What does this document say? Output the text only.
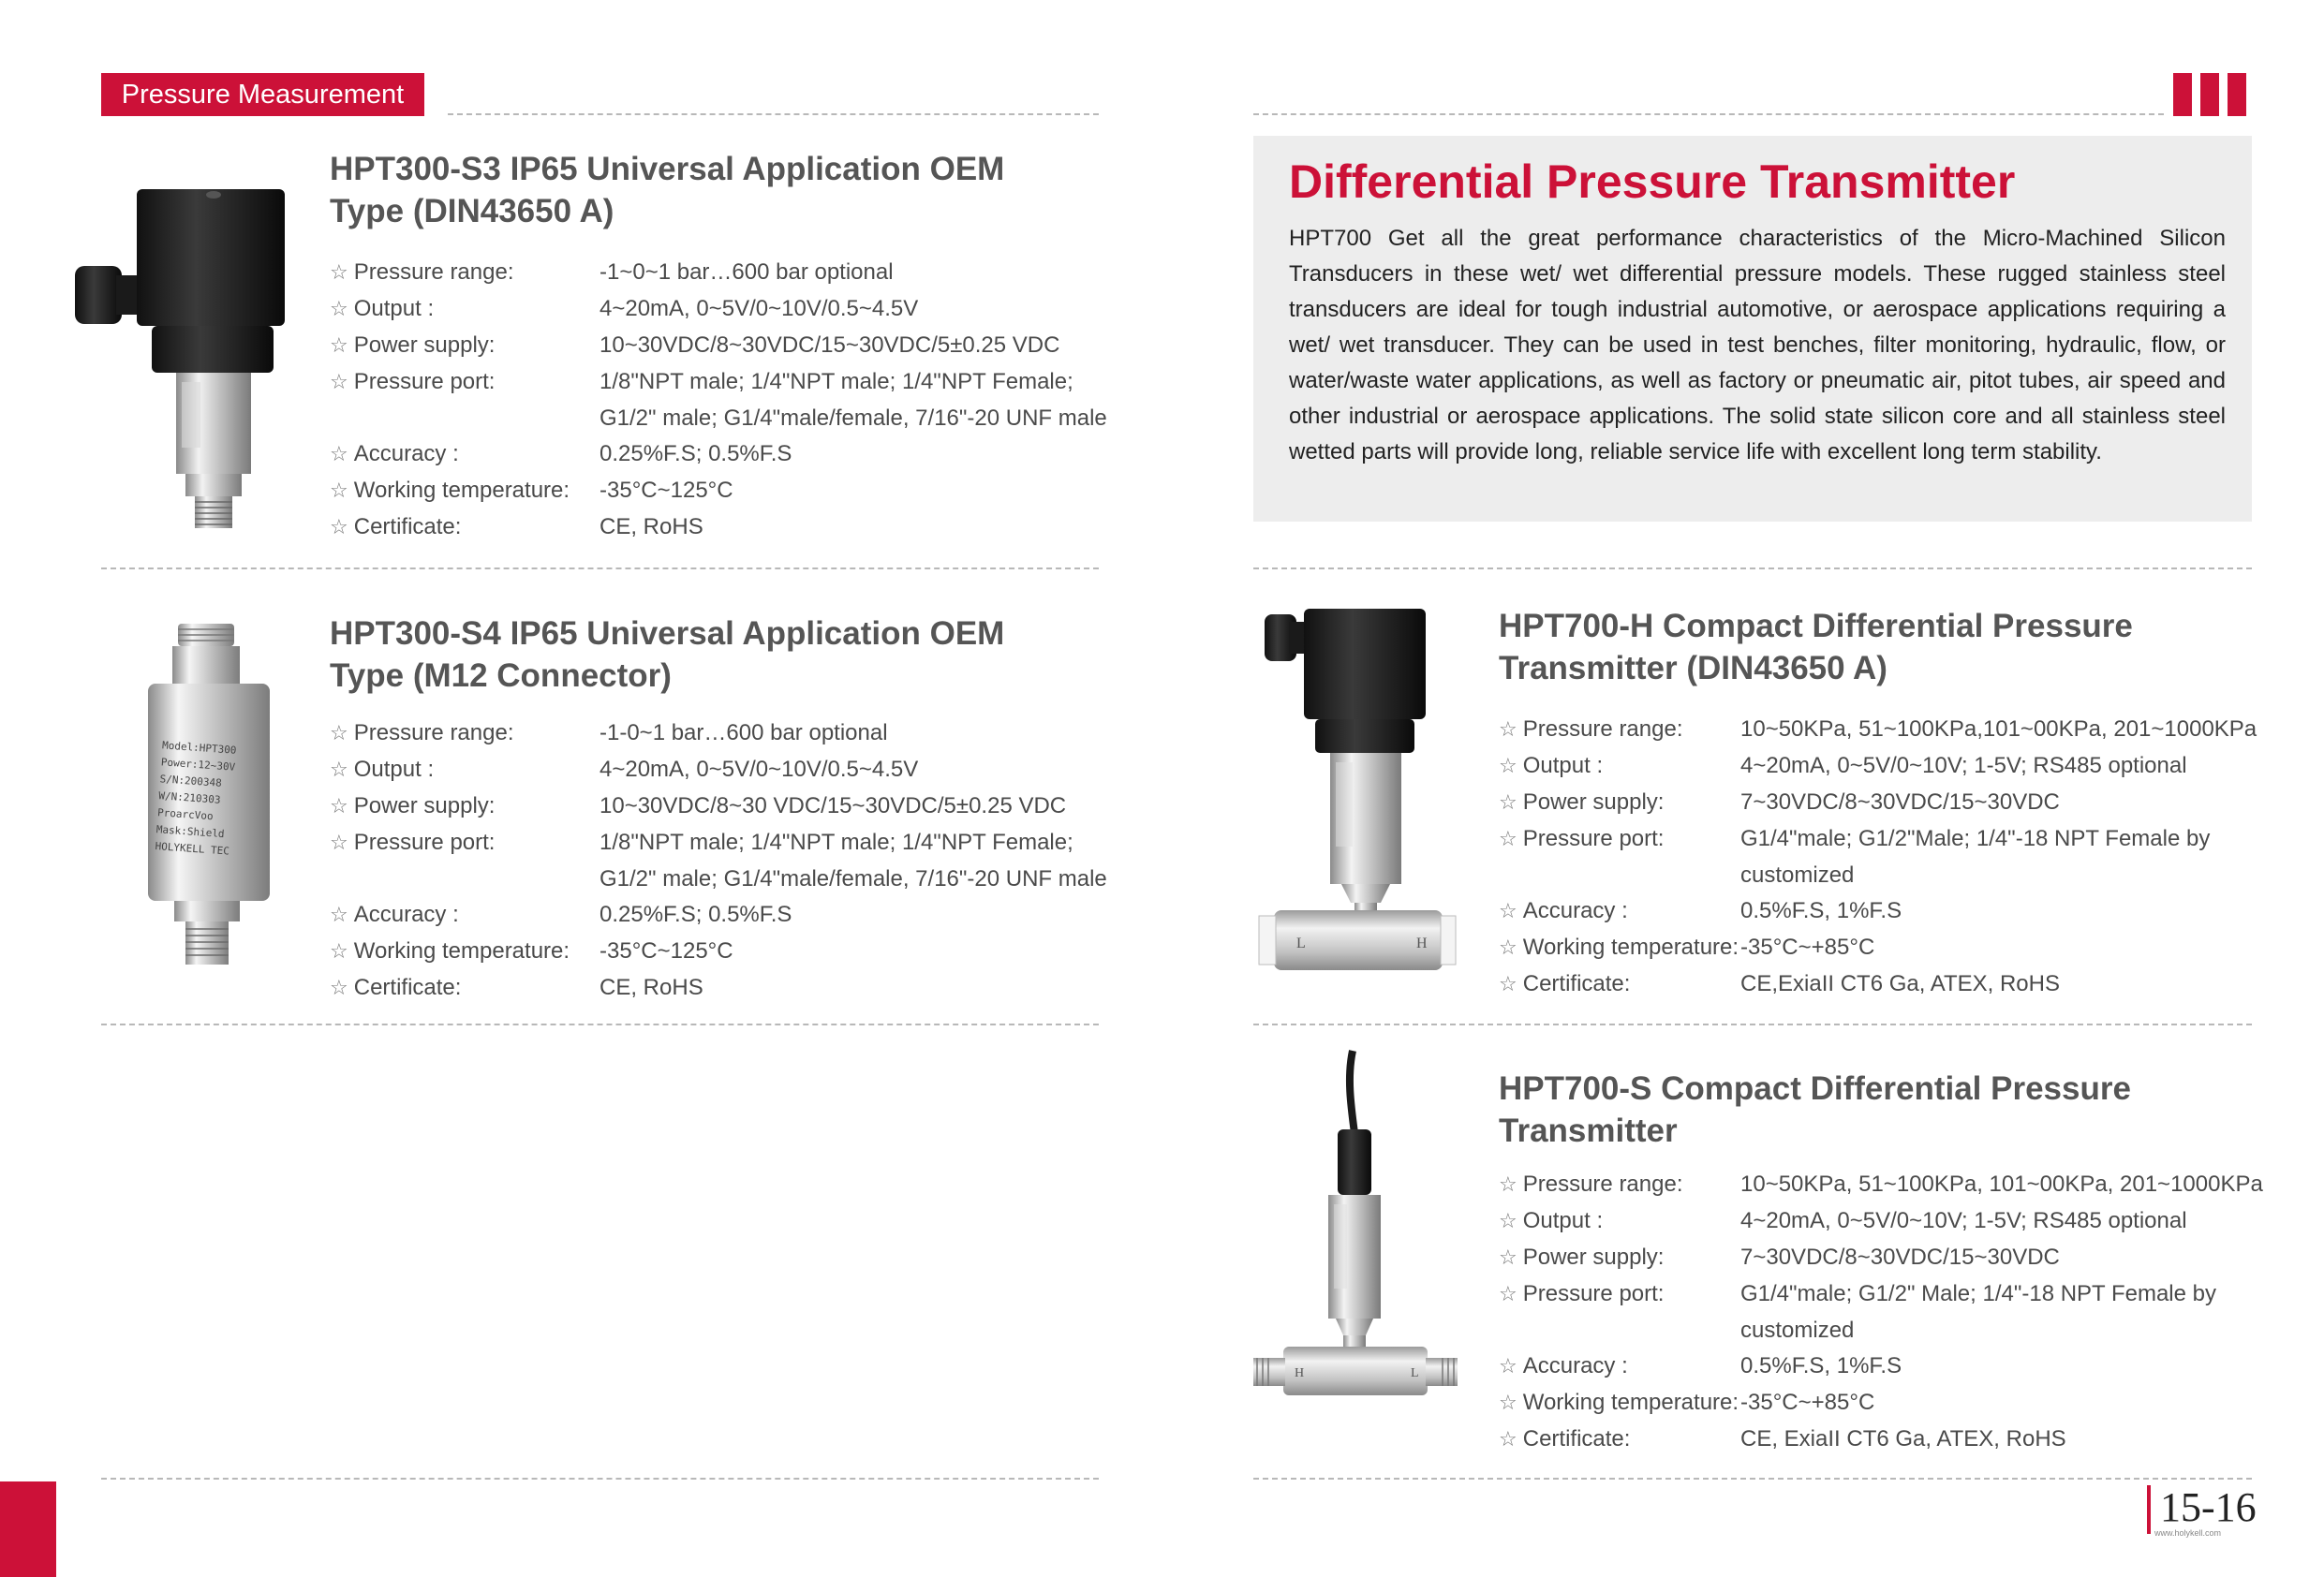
Pressure Measurement
HPT300-S3 IP65 Universal Application OEM
Type (DIN43650 A)
☆ Pressure range:	-1~0~1 bar…600 bar optional
☆ Output :	4~20mA, 0~5V/0~10V/0.5~4.5V
☆ Power supply:	10~30VDC/8~30VDC/15~30VDC/5±0.25 VDC
☆ Pressure port:	1/8"NPT male; 1/4"NPT male; 1/4"NPT Female;
G1/2" male; G1/4"male/female, 7/16"-20 UNF male
☆ Accuracy :	0.25%F.S; 0.5%F.S
☆ Working temperature:	-35°C~125°C
☆ Certificate:	CE, RoHS
Model:HPT300
Power:12~30V
S/N:200348
W/N:210303
ProarcVoo
Mask:Shield
HOLYKELL TEC
HPT300-S4 IP65 Universal Application OEM
Type (M12 Connector)
☆ Pressure range:	-1-0~1 bar…600 bar optional
☆ Output :	4~20mA, 0~5V/0~10V/0.5~4.5V
☆ Power supply:	10~30VDC/8~30 VDC/15~30VDC/5±0.25 VDC
☆ Pressure port:	1/8"NPT male; 1/4"NPT male; 1/4"NPT Female;
G1/2" male; G1/4"male/female, 7/16"-20 UNF male
☆ Accuracy :	0.25%F.S; 0.5%F.S
☆ Working temperature:	-35°C~125°C
☆ Certificate:	CE, RoHS
Differential Pressure Transmitter
HPT700 Get all the great performance characteristics of the Micro-Machined Silicon Transducers in these wet/ wet differential pressure models. These rugged stainless steel transducers are ideal for tough industrial automotive, or aerospace applications requiring a wet/ wet transducer. They can be used in test benches, filter monitoring, hydraulic, flow, or water/waste water applications, as well as factory or pneumatic air, pitot tubes, air speed and other industrial or aerospace applications. The solid state silicon core and all stainless steel wetted parts will provide long, reliable service life with excellent long term stability.
L	H
HPT700-H Compact Differential Pressure
Transmitter (DIN43650 A)
☆ Pressure range:	10~50KPa, 51~100KPa,101~00KPa, 201~1000KPa
☆ Output :	4~20mA, 0~5V/0~10V; 1-5V; RS485 optional
☆ Power supply:	7~30VDC/8~30VDC/15~30VDC
☆ Pressure port:	G1/4"male; G1/2"Male; 1/4"-18 NPT Female by
customized
☆ Accuracy :	0.5%F.S, 1%F.S
☆ Working temperature: -35°C~+85°C
☆ Certificate:	CE,ExiaII CT6 Ga, ATEX, RoHS
H	L
HPT700-S Compact Differential Pressure
Transmitter
☆ Pressure range:	10~50KPa, 51~100KPa, 101~00KPa, 201~1000KPa
☆ Output :	4~20mA, 0~5V/0~10V; 1-5V; RS485 optional
☆ Power supply:	7~30VDC/8~30VDC/15~30VDC
☆ Pressure port:	G1/4"male; G1/2" Male; 1/4"-18 NPT Female by
customized
☆ Accuracy :	0.5%F.S, 1%F.S
☆ Working temperature: -35°C~+85°C
☆ Certificate:	CE, ExiaII CT6 Ga, ATEX, RoHS
15-16
www.holykell.com
